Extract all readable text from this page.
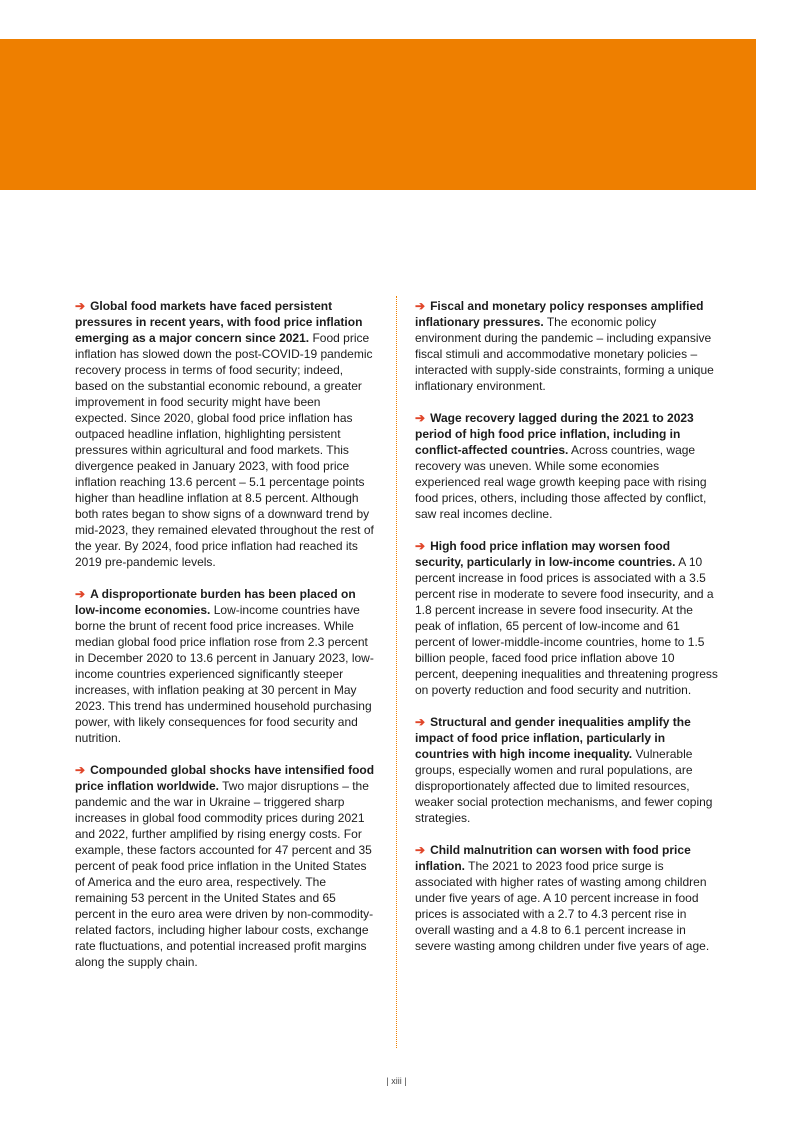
➔ Global food markets have faced persistent pressures in recent years, with food price inflation emerging as a major concern since 2021. Food price inflation has slowed down the post-COVID-19 pandemic recovery process in terms of food security; indeed, based on the substantial economic rebound, a greater improvement in food security might have been expected. Since 2020, global food price inflation has outpaced headline inflation, highlighting persistent pressures within agricultural and food markets. This divergence peaked in January 2023, with food price inflation reaching 13.6 percent – 5.1 percentage points higher than headline inflation at 8.5 percent. Although both rates began to show signs of a downward trend by mid-2023, they remained elevated throughout the rest of the year. By 2024, food price inflation had reached its 2019 pre-pandemic levels.

➔ A disproportionate burden has been placed on low-income economies. Low-income countries have borne the brunt of recent food price increases. While median global food price inflation rose from 2.3 percent in December 2020 to 13.6 percent in January 2023, low-income countries experienced significantly steeper increases, with inflation peaking at 30 percent in May 2023. This trend has undermined household purchasing power, with likely consequences for food security and nutrition.

➔ Compounded global shocks have intensified food price inflation worldwide. Two major disruptions – the pandemic and the war in Ukraine – triggered sharp increases in global food commodity prices during 2021 and 2022, further amplified by rising energy costs. For example, these factors accounted for 47 percent and 35 percent of peak food price inflation in the United States of America and the euro area, respectively. The remaining 53 percent in the United States and 65 percent in the euro area were driven by non-commodity-related factors, including higher labour costs, exchange rate fluctuations, and potential increased profit margins along the supply chain.

➔ Fiscal and monetary policy responses amplified inflationary pressures. The economic policy environment during the pandemic – including expansive fiscal stimuli and accommodative monetary policies – interacted with supply-side constraints, forming a unique inflationary environment.

➔ Wage recovery lagged during the 2021 to 2023 period of high food price inflation, including in conflict-affected countries. Across countries, wage recovery was uneven. While some economies experienced real wage growth keeping pace with rising food prices, others, including those affected by conflict, saw real incomes decline.

➔ High food price inflation may worsen food security, particularly in low-income countries. A 10 percent increase in food prices is associated with a 3.5 percent rise in moderate to severe food insecurity, and a 1.8 percent increase in severe food insecurity. At the peak of inflation, 65 percent of low-income and 61 percent of lower-middle-income countries, home to 1.5 billion people, faced food price inflation above 10 percent, deepening inequalities and threatening progress on poverty reduction and food security and nutrition.

➔ Structural and gender inequalities amplify the impact of food price inflation, particularly in countries with high income inequality. Vulnerable groups, especially women and rural populations, are disproportionately affected due to limited resources, weaker social protection mechanisms, and fewer coping strategies.

➔ Child malnutrition can worsen with food price inflation. The 2021 to 2023 food price surge is associated with higher rates of wasting among children under five years of age. A 10 percent increase in food prices is associated with a 2.7 to 4.3 percent rise in overall wasting and a 4.8 to 6.1 percent increase in severe wasting among children under five years of age.

| xiii |
